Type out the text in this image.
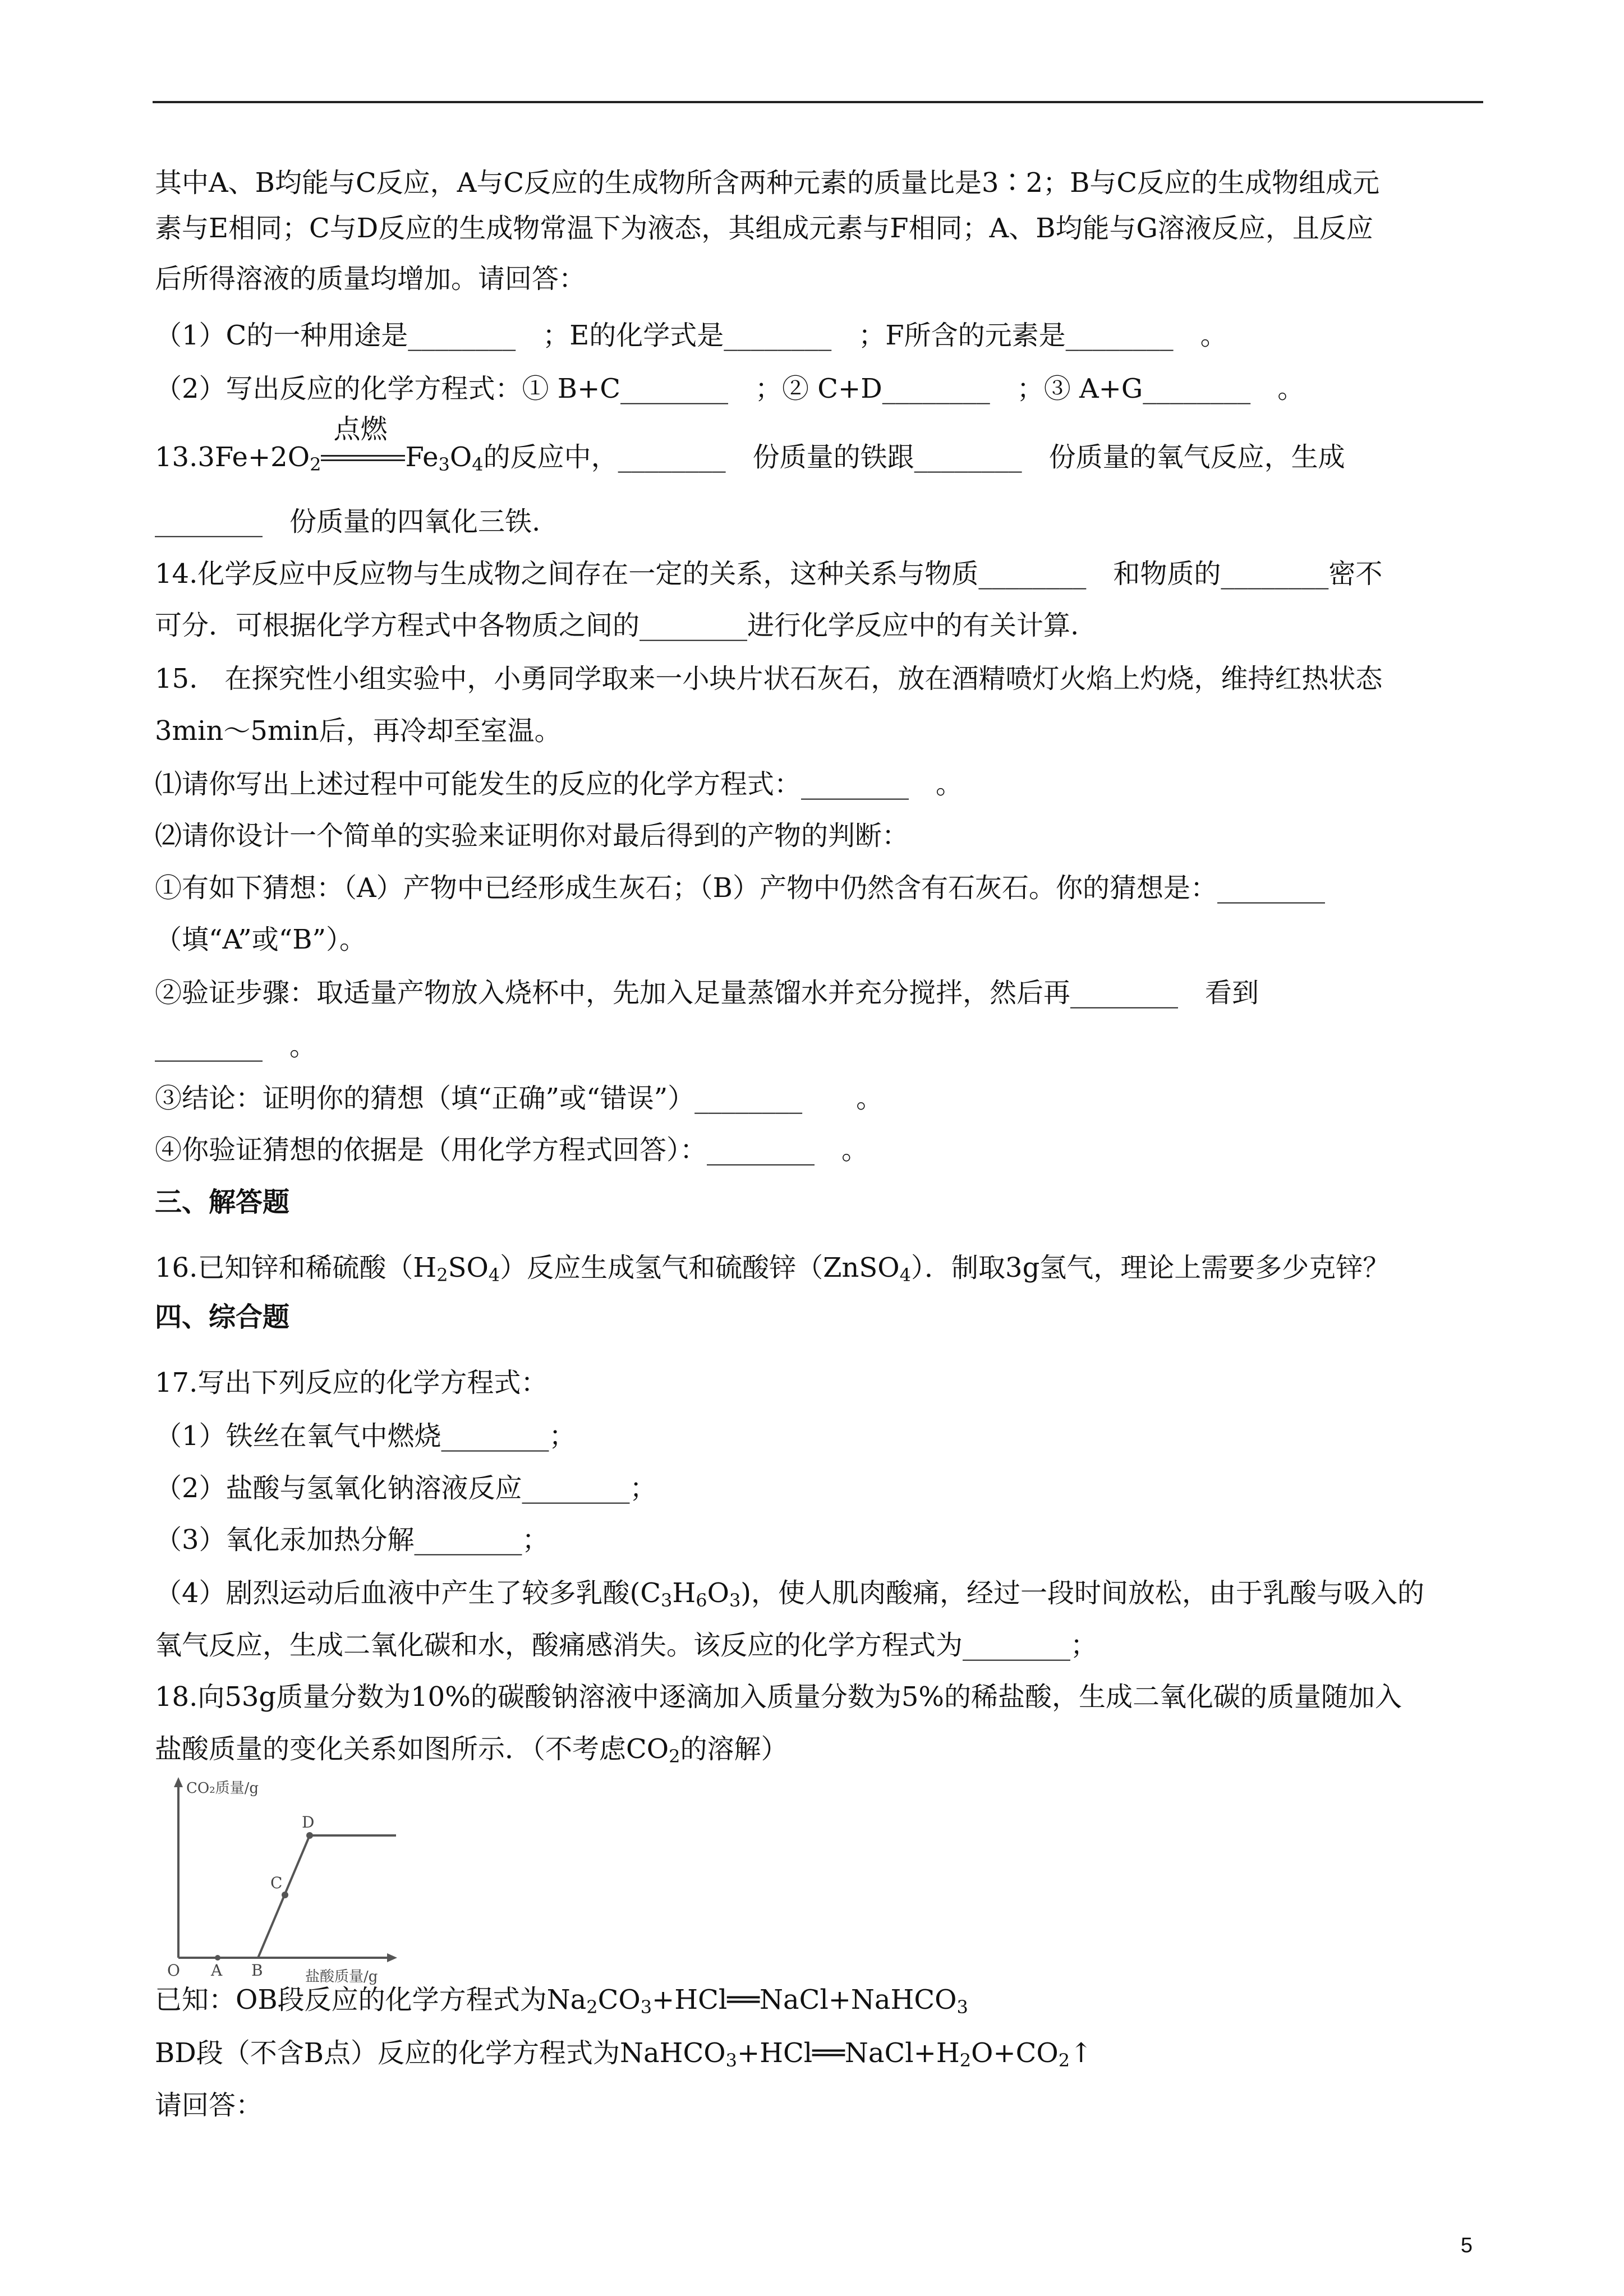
其中A、B均能与C反应，A与C反应的生成物所含两种元素的质量比是3∶2；B与C反应的生成物组成元
素与E相同；C与D反应的生成物常温下为液态，其组成元素与F相同；A、B均能与G溶液反应，且反应
后所得溶液的质量均增加。请回答：
（1）C的一种用途是________　；E的化学式是________　；F所含的元素是________　。
（2）写出反应的化学方程式：① B+C________　；② C+D________　；③ A+G________　。
$13.3Fe+2O_2$
点燃
$Fe_3O_4$的反应中，________　份质量的铁跟________　份质量的氧气反应，生成
________　份质量的四氧化三铁.
14.化学反应中反应物与生成物之间存在一定的关系，这种关系与物质________　和物质的________密不
可分．可根据化学方程式中各物质之间的________进行化学反应中的有关计算.
15.　在探究性小组实验中，小勇同学取来一小块片状石灰石，放在酒精喷灯火焰上灼烧，维持红热状态
3min～5min后，再冷却至室温。
⑴请你写出上述过程中可能发生的反应的化学方程式：________　。
⑵请你设计一个简单的实验来证明你对最后得到的产物的判断：
①有如下猜想：（A）产物中已经形成生灰石；（B）产物中仍然含有石灰石。你的猜想是：________
（填“A”或“B”）。
②验证步骤：取适量产物放入烧杯中，先加入足量蒸馏水并充分搅拌，然后再________　看到
________　。
③结论：证明你的猜想（填“正确”或“错误”）________　　。
④你验证猜想的依据是（用化学方程式回答）：________　。
三、解答题
16.已知锌和稀硫酸$(H_2SO_4)$反应生成氢气和硫酸锌（ZnSO$_4$）．制取3g氢气，理论上需要多少克锌？
四、综合题
17.写出下列反应的化学方程式：
（1）铁丝在氧气中燃烧________；
（2）盐酸与氢氧化钠溶液反应________；
（3）氧化汞加热分解________；
（4）剧烈运动后血液中产生了较多乳酸$(C_3H_6O_3)$，使人肌肉酸痛，经过一段时间放松，由于乳酸与吸入的
氧气反应，生成二氧化碳和水，酸痛感消失。该反应的化学方程式为________；
18.向53g质量分数为10%的碳酸钠溶液中逐滴加入质量分数为5%的稀盐酸，生成二氧化碳的质量随加入
盐酸质量的变化关系如图所示．（不考虑$CO_2$的溶解）
CO₂质量/g
盐酸质量/g
O A B
C
D
已知：OB段反应的化学方程式为$Na_2CO_3+HCl══NaCl+NaHCO_3$
BD段（不含B点）反应的化学方程式为$NaHCO_3+HCl══NaCl+H_2O+CO_2↑$
请回答：
5
